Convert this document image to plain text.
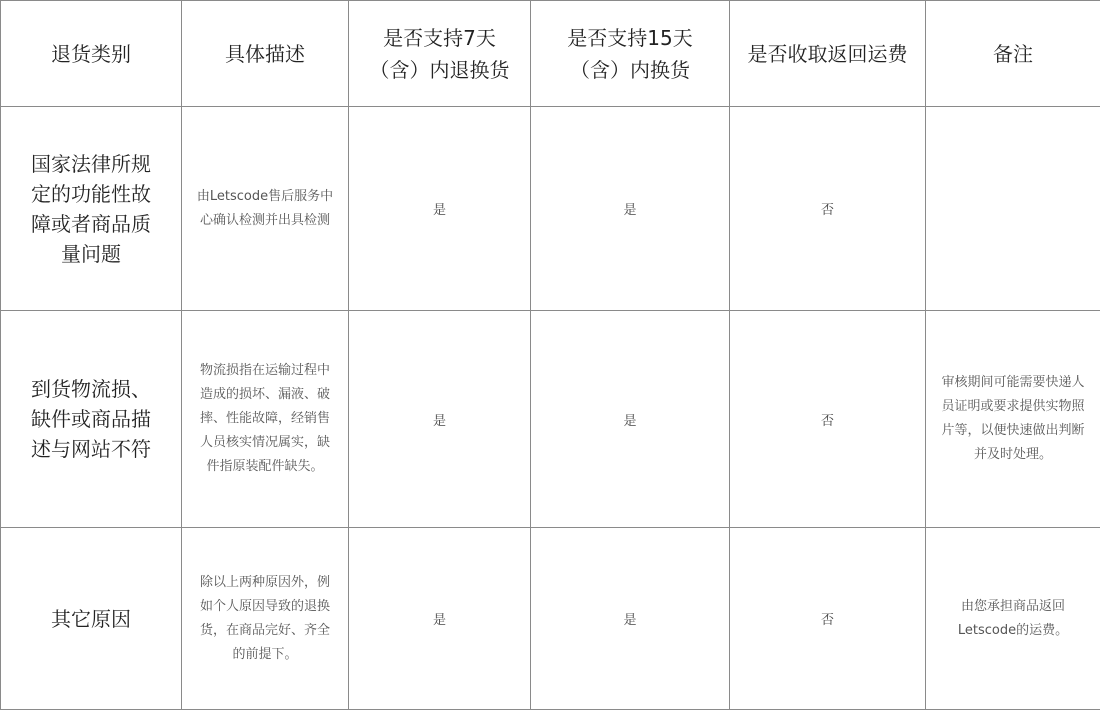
退货类别	具体描述	是否支持7天（含）内退换货	是否支持15天（含）内换货	是否收取返回运费	备注
国家法律所规定的功能性故障或者商品质量问题	由Letscode售后服务中心确认检测并出具检测	是	是	否	
到货物流损、缺件或商品描述与网站不符	物流损指在运输过程中造成的损坏、漏液、破摔、性能故障，经销售人员核实情况属实，缺件指原装配件缺失。	是	是	否	审核期间可能需要快递人员证明或要求提供实物照片等，以便快速做出判断并及时处理。
其它原因	除以上两种原因外，例如个人原因导致的退换货，在商品完好、齐全的前提下。	是	是	否	由您承担商品返回Letscode的运费。
